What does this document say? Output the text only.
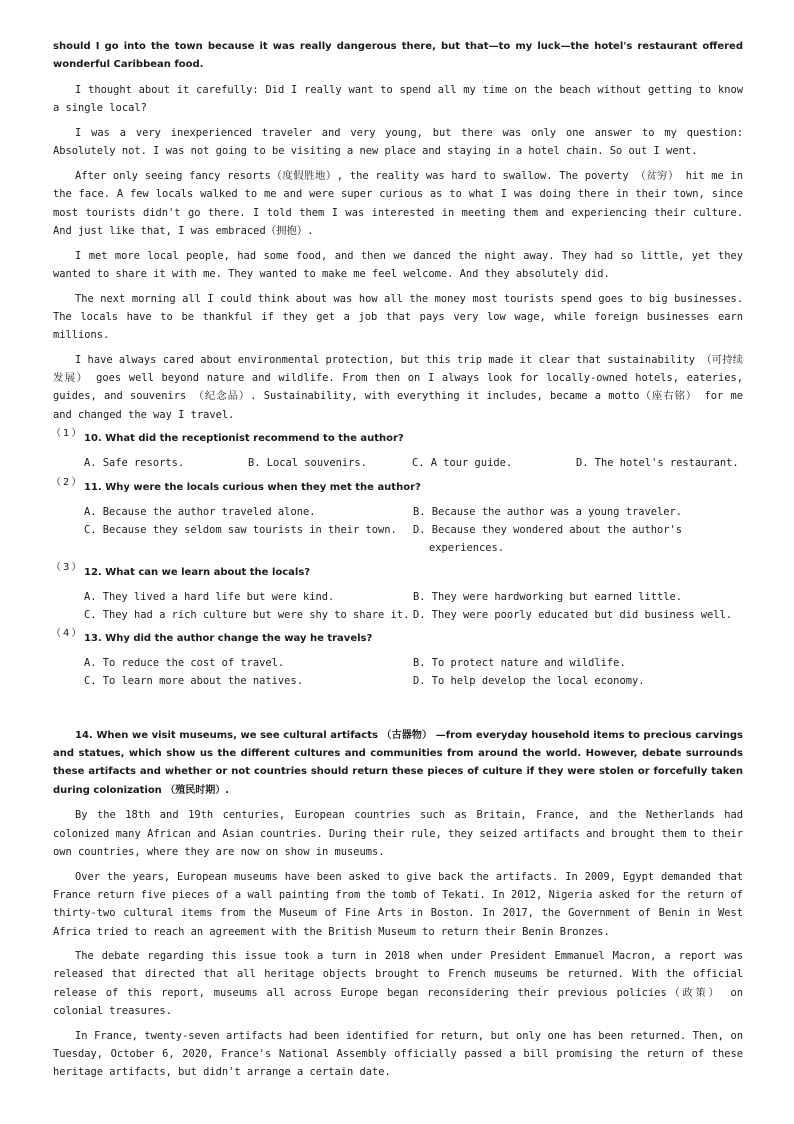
should I go into the town because it was really dangerous there, but that—to my luck—the hotel's restaurant offered wonderful Caribbean food.

I thought about it carefully: Did I really want to spend all my time on the beach without getting to know a single local?

I was a very inexperienced traveler and very young, but there was only one answer to my question: Absolutely not. I was not going to be visiting a new place and staying in a hotel chain. So out I went.

After only seeing fancy resorts（度假胜地）, the reality was hard to swallow. The poverty （贫穷） hit me in the face. A few locals walked to me and were super curious as to what I was doing there in their town, since most tourists didn't go there. I told them I was interested in meeting them and experiencing their culture. And just like that, I was embraced（拥抱）.

I met more local people, had some food, and then we danced the night away. They had so little, yet they wanted to share it with me. They wanted to make me feel welcome. And they absolutely did.

The next morning all I could think about was how all the money most tourists spend goes to big businesses. The locals have to be thankful if they get a job that pays very low wage, while foreign businesses earn millions.

I have always cared about environmental protection, but this trip made it clear that sustainability （可持续发展） goes well beyond nature and wildlife. From then on I always look for locally-owned hotels, eateries, guides, and souvenirs （纪念品）. Sustainability, with everything it includes, became a motto（座右铭） for me and changed the way I travel.

（1） 10. What did the receptionist recommend to the author?

A. Safe resorts.	B. Local souvenirs.	C. A tour guide.	D. The hotel's restaurant.
（2） 11. Why were the locals curious when they met the author?

A. Because the author traveled alone.	B. Because the author was a young traveler.
C. Because they seldom saw tourists in their town.	D. Because they wondered about the author's experiences.
（3） 12. What can we learn about the locals?

A. They lived a hard life but were kind.	B. They were hardworking but earned little.
C. They had a rich culture but were shy to share it. D. They were poorly educated but did business well.
（4） 13. Why did the author change the way he travels?

A. To reduce the cost of travel.	B. To protect nature and wildlife.
C. To learn more about the natives.	D. To help develop the local economy.

14. When we visit museums, we see cultural artifacts （古器物） —from everyday household items to precious carvings and statues, which show us the different cultures and communities from around the world. However, debate surrounds these artifacts and whether or not countries should return these pieces of culture if they were stolen or forcefully taken during colonization （殖民时期）.

By the 18th and 19th centuries, European countries such as Britain, France, and the Netherlands had colonized many African and Asian countries. During their rule, they seized artifacts and brought them to their own countries, where they are now on show in museums.

Over the years, European museums have been asked to give back the artifacts. In 2009, Egypt demanded that France return five pieces of a wall painting from the tomb of Tekati. In 2012, Nigeria asked for the return of thirty-two cultural items from the Museum of Fine Arts in Boston. In 2017, the Government of Benin in West Africa tried to reach an agreement with the British Museum to return their Benin Bronzes.

The debate regarding this issue took a turn in 2018 when under President Emmanuel Macron, a report was released that directed that all heritage objects brought to French museums be returned. With the official release of this report, museums all across Europe began reconsidering their previous policies（政策） on colonial treasures.

In France, twenty-seven artifacts had been identified for return, but only one has been returned. Then, on Tuesday, October 6, 2020, France's National Assembly officially passed a bill promising the return of these heritage artifacts, but didn't arrange a certain date.
